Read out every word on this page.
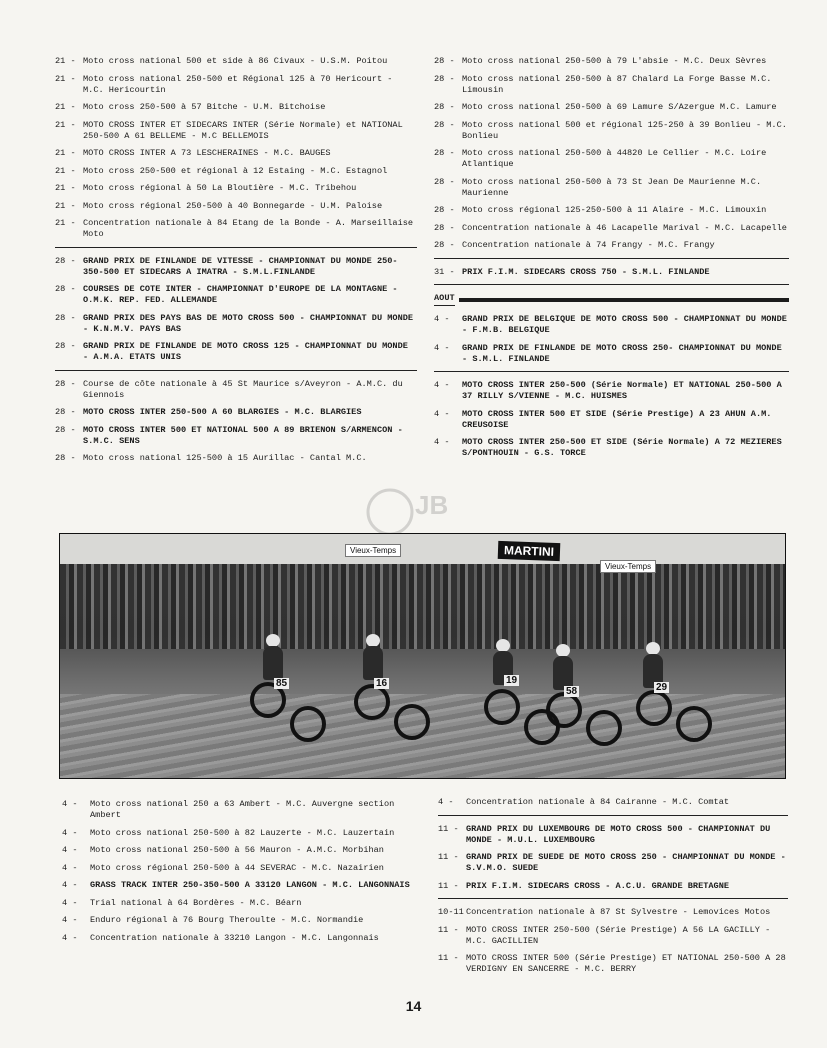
21 - Moto cross national 500 et side à 86 Civaux - U.S.M. Poitou
21 - Moto cross national 250-500 et Régional 125 à 70 Hericourt - M.C. Hericourtin
21 - Moto cross 250-500 à 57 Bitche - U.M. Bitchoise
21 - MOTO CROSS INTER ET SIDECARS INTER (Série Normale) et NATIONAL 250-500 A 61 BELLEME - M.C BELLEMOIS
21 - MOTO CROSS INTER A 73 LESCHERAINES - M.C. BAUGES
21 - Moto cross 250-500 et régional à 12 Estaing - M.C. Estagnol
21 - Moto cross régional à 50 La Bloutière - M.C. Tribehou
21 - Moto cross régional 250-500 à 40 Bonnegarde - U.M. Paloise
21 - Concentration nationale à 84 Etang de la Bonde - A. Marseillaise Moto
28 - GRAND PRIX DE FINLANDE DE VITESSE - CHAMPIONNAT DU MONDE 250-350-500 ET SIDECARS A IMATRA - S.M.L.FINLANDE
28 - COURSES DE COTE INTER - CHAMPIONNAT D'EUROPE DE LA MONTAGNE - O.M.K. REP. FED. ALLEMANDE
28 - GRAND PRIX DES PAYS BAS DE MOTO CROSS 500 - CHAMPIONNAT DU MONDE - K.N.M.V. PAYS BAS
28 - GRAND PRIX DE FINLANDE DE MOTO CROSS 125 - CHAMPIONNAT DU MONDE - A.M.A. ETATS UNIS
28 - Course de côte nationale à 45 St Maurice s/Aveyron - A.M.C. du Giennois
28 - MOTO CROSS INTER 250-500 A 60 BLARGIES - M.C. BLARGIES
28 - MOTO CROSS INTER 500 ET NATIONAL 500 A 89 BRIENON S/ARMENCON - S.M.C. SENS
28 - Moto cross national 125-500 à 15 Aurillac - Cantal M.C.
28 - Moto cross national 250-500 à 79 L'absie - M.C. Deux Sèvres
28 - Moto cross national 250-500 à 87 Chalard La Forge Basse M.C. Limousin
28 - Moto cross national 250-500 à 69 Lamure S/Azergue M.C. Lamure
28 - Moto cross national 500 et régional 125-250 à 39 Bonlieu - M.C. Bonlieu
28 - Moto cross national 250-500 à 44820 Le Cellier - M.C. Loire Atlantique
28 - Moto cross national 250-500 à 73 St Jean De Maurienne M.C. Maurienne
28 - Moto cross régional 125-250-500 à 11 Alaire - M.C. Limouxin
28 - Concentration nationale à 46 Lacapelle Marival - M.C. Lacapelle
28 - Concentration nationale à 74 Frangy - M.C. Frangy
31 - PRIX F.I.M. SIDECARS CROSS 750 - S.M.L. FINLANDE
AOUT
4 -	GRAND PRIX DE BELGIQUE DE MOTO CROSS 500 - CHAMPIONNAT DU MONDE - F.M.B. BELGIQUE
4 -	GRAND PRIX DE FINLANDE DE MOTO CROSS 250- CHAMPIONNAT DU MONDE - S.M.L. FINLANDE
4 -	MOTO CROSS INTER 250-500 (Série Normale) ET NATIONAL 250-500 A 37 RILLY S/VIENNE - M.C. HUISMES
4 -	MOTO CROSS INTER 500 ET SIDE (Série Prestige) A 23 AHUN A.M. CREUSOISE
4 -	MOTO CROSS INTER 250-500 ET SIDE (Série Normale) A 72 MEZIERES S/PONTHOUIN - G.S. TORCE
JB
Vieux-Temps	MARTINI
Vieux-Temps
85	16	19
58	29
4 -	Moto cross national 250 a 63 Ambert - M.C. Auvergne section Ambert
4 -	Moto cross national 250-500 à 82 Lauzerte - M.C. Lauzertain
4 -	Moto cross national 250-500 à 56 Mauron - A.M.C. Morbihan
4 -	Moto cross régional 250-500 à 44 SEVERAC - M.C. Nazairien
4 -	GRASS TRACK INTER 250-350-500 A 33120 LANGON - M.C. LANGONNAIS
4 -	Trial national à 64 Bordères - M.C. Béarn
4 -	Enduro régional à 76 Bourg Theroulte - M.C. Normandie
4 -	Concentration nationale à 33210 Langon - M.C. Langonnais
4 -	Concentration nationale à 84 Cairanne - M.C. Comtat
11 - GRAND PRIX DU LUXEMBOURG DE MOTO CROSS 500 - CHAMPIONNAT DU MONDE - M.U.L. LUXEMBOURG
11 - GRAND PRIX DE SUEDE DE MOTO CROSS 250 - CHAMPIONNAT DU MONDE - S.V.M.O. SUEDE
11 - PRIX F.I.M. SIDECARS CROSS - A.C.U. GRANDE BRETAGNE
10-11 Concentration nationale à 87 St Sylvestre - Lemovices Motos
11 - MOTO CROSS INTER 250-500 (Série Prestige) A 56 LA GACILLY - M.C. GACILLIEN
11 - MOTO CROSS INTER 500 (Série Prestige) ET NATIONAL 250-500 A 28 VERDIGNY EN SANCERRE - M.C. BERRY
14
